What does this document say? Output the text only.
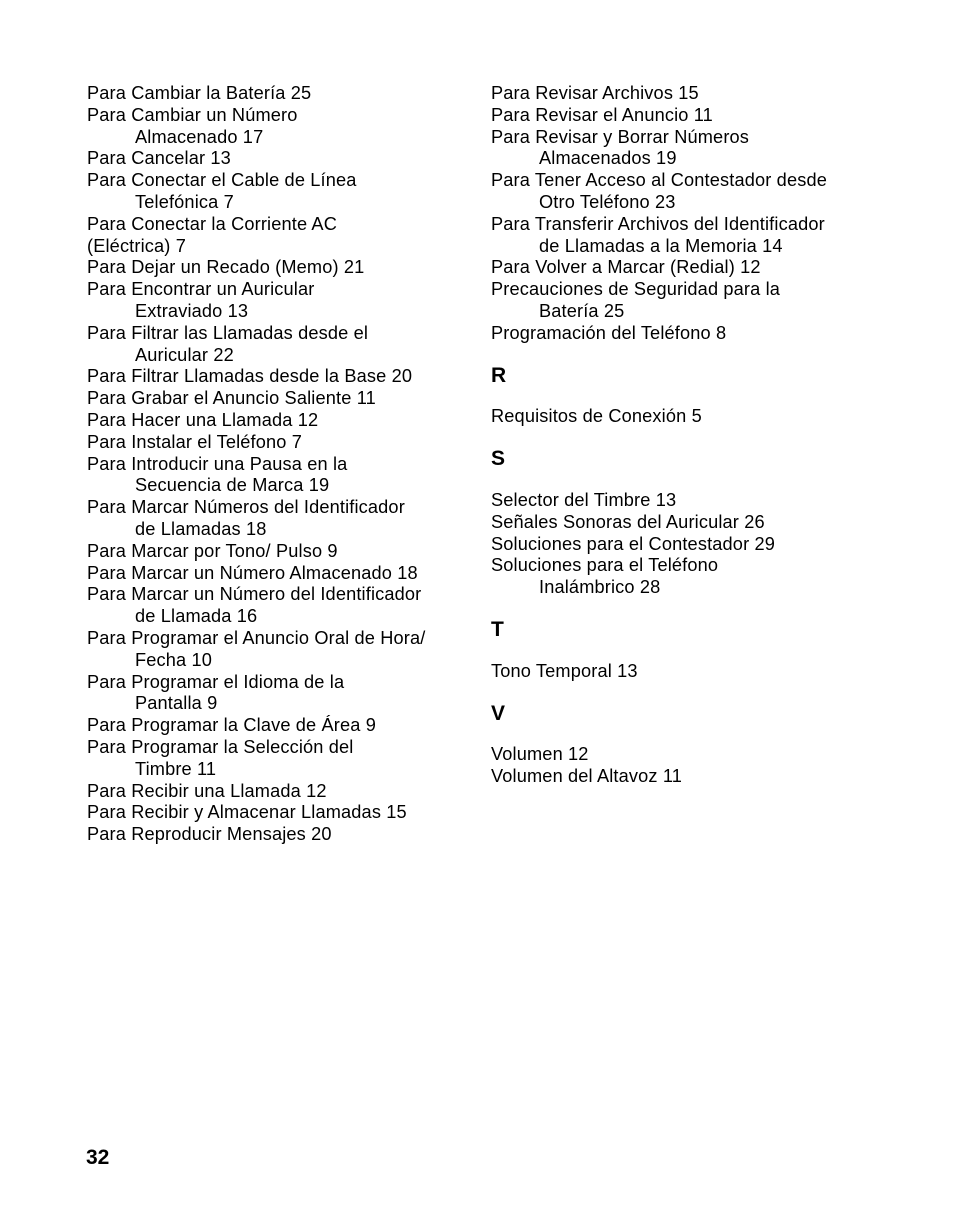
Para Cambiar la Batería 25
Para Cambiar un Número
Almacenado 17
Para Cancelar 13
Para Conectar el Cable de Línea
Telefónica 7
Para Conectar la Corriente AC
(Eléctrica) 7
Para Dejar un Recado (Memo) 21
Para Encontrar un Auricular
Extraviado 13
Para Filtrar las Llamadas desde el
Auricular 22
Para Filtrar Llamadas desde la Base 20
Para Grabar el Anuncio Saliente 11
Para Hacer una Llamada 12
Para Instalar el Teléfono 7
Para Introducir una Pausa en la
Secuencia de Marca 19
Para Marcar Números del Identificador
de Llamadas 18
Para Marcar por Tono/ Pulso 9
Para Marcar un Número Almacenado 18
Para Marcar un Número del Identificador
de Llamada 16
Para Programar el Anuncio Oral de Hora/
Fecha 10
Para Programar el Idioma de la
Pantalla 9
Para Programar la Clave de Área 9
Para Programar la Selección del
Timbre 11
Para Recibir una Llamada 12
Para Recibir y Almacenar Llamadas 15
Para Reproducir Mensajes 20
Para Revisar Archivos 15
Para Revisar el Anuncio 11
Para Revisar y Borrar Números
Almacenados 19
Para Tener Acceso al Contestador desde
Otro Teléfono 23
Para Transferir Archivos del Identificador
de Llamadas a la Memoria 14
Para Volver a Marcar (Redial) 12
Precauciones de Seguridad para la
Batería 25
Programación del Teléfono 8
R
Requisitos de Conexión 5
S
Selector del Timbre 13
Señales Sonoras del Auricular 26
Soluciones para el Contestador 29
Soluciones para el Teléfono
Inalámbrico 28
T
Tono Temporal 13
V
Volumen 12
Volumen del Altavoz 11
32
